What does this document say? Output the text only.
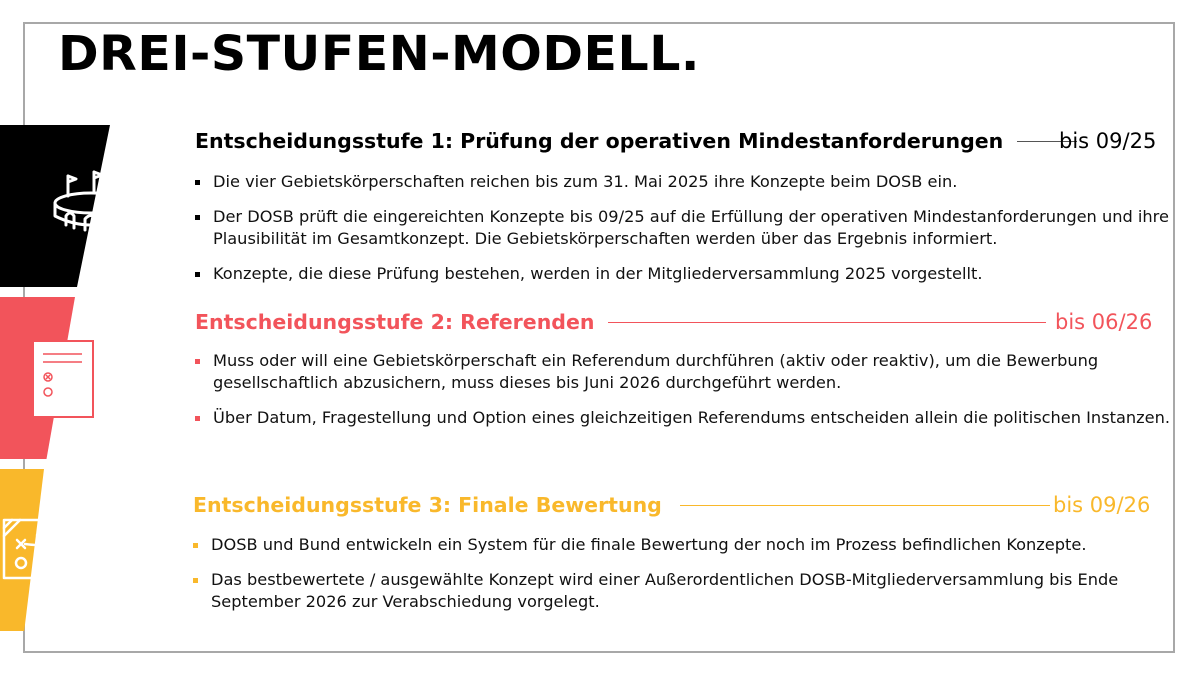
DREI-STUFEN-MODELL.
Entscheidungsstufe 1: Prüfung der operativen Mindestanforderungen	bis 09/25
Die vier Gebietskörperschaften reichen bis zum 31. Mai 2025 ihre Konzepte beim DOSB ein.
Der DOSB prüft die eingereichten Konzepte bis 09/25 auf die Erfüllung der operativen Mindestanforderungen und ihre Plausibilität im Gesamtkonzept. Die Gebietskörperschaften werden über das Ergebnis informiert.
Konzepte, die diese Prüfung bestehen, werden in der Mitgliederversammlung 2025 vorgestellt.
Entscheidungsstufe 2: Referenden	bis 06/26
Muss oder will eine Gebietskörperschaft ein Referendum durchführen (aktiv oder reaktiv), um die Bewerbung gesellschaftlich abzusichern, muss dieses bis Juni 2026 durchgeführt werden.
Über Datum, Fragestellung und Option eines gleichzeitigen Referendums entscheiden allein die politischen Instanzen.
Entscheidungsstufe 3: Finale Bewertung	bis 09/26
DOSB und Bund entwickeln ein System für die finale Bewertung der noch im Prozess befindlichen Konzepte.
Das bestbewertete / ausgewählte Konzept wird einer Außerordentlichen DOSB-Mitgliederversammlung bis Ende September 2026 zur Verabschiedung vorgelegt.
